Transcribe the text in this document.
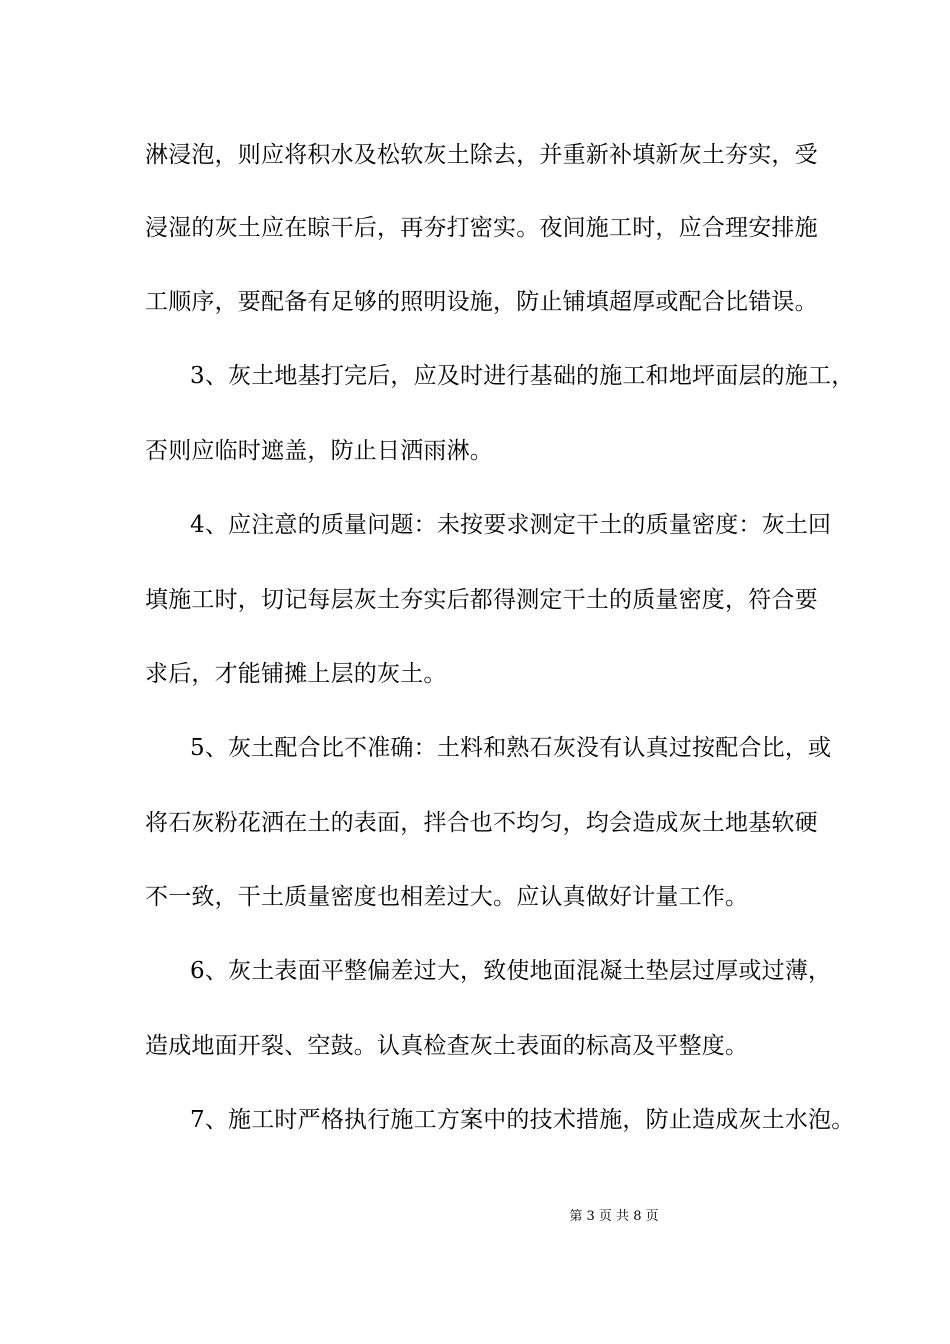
淋浸泡，则应将积水及松软灰土除去，并重新补填新灰土夯实，受
浸湿的灰土应在晾干后，再夯打密实。夜间施工时，应合理安排施
工顺序，要配备有足够的照明设施，防止铺填超厚或配合比错误。
3、灰土地基打完后，应及时进行基础的施工和地坪面层的施工，
否则应临时遮盖，防止日洒雨淋。
4、应注意的质量问题：未按要求测定干土的质量密度：灰土回
填施工时，切记每层灰土夯实后都得测定干土的质量密度，符合要
求后，才能铺摊上层的灰土。
5、灰土配合比不准确：土料和熟石灰没有认真过按配合比，或
将石灰粉花洒在土的表面，拌合也不均匀，均会造成灰土地基软硬
不一致，干土质量密度也相差过大。应认真做好计量工作。
6、灰土表面平整偏差过大，致使地面混凝土垫层过厚或过薄，
造成地面开裂、空鼓。认真检查灰土表面的标高及平整度。
7、施工时严格执行施工方案中的技术措施，防止造成灰土水泡。
第 3 页 共 8 页
